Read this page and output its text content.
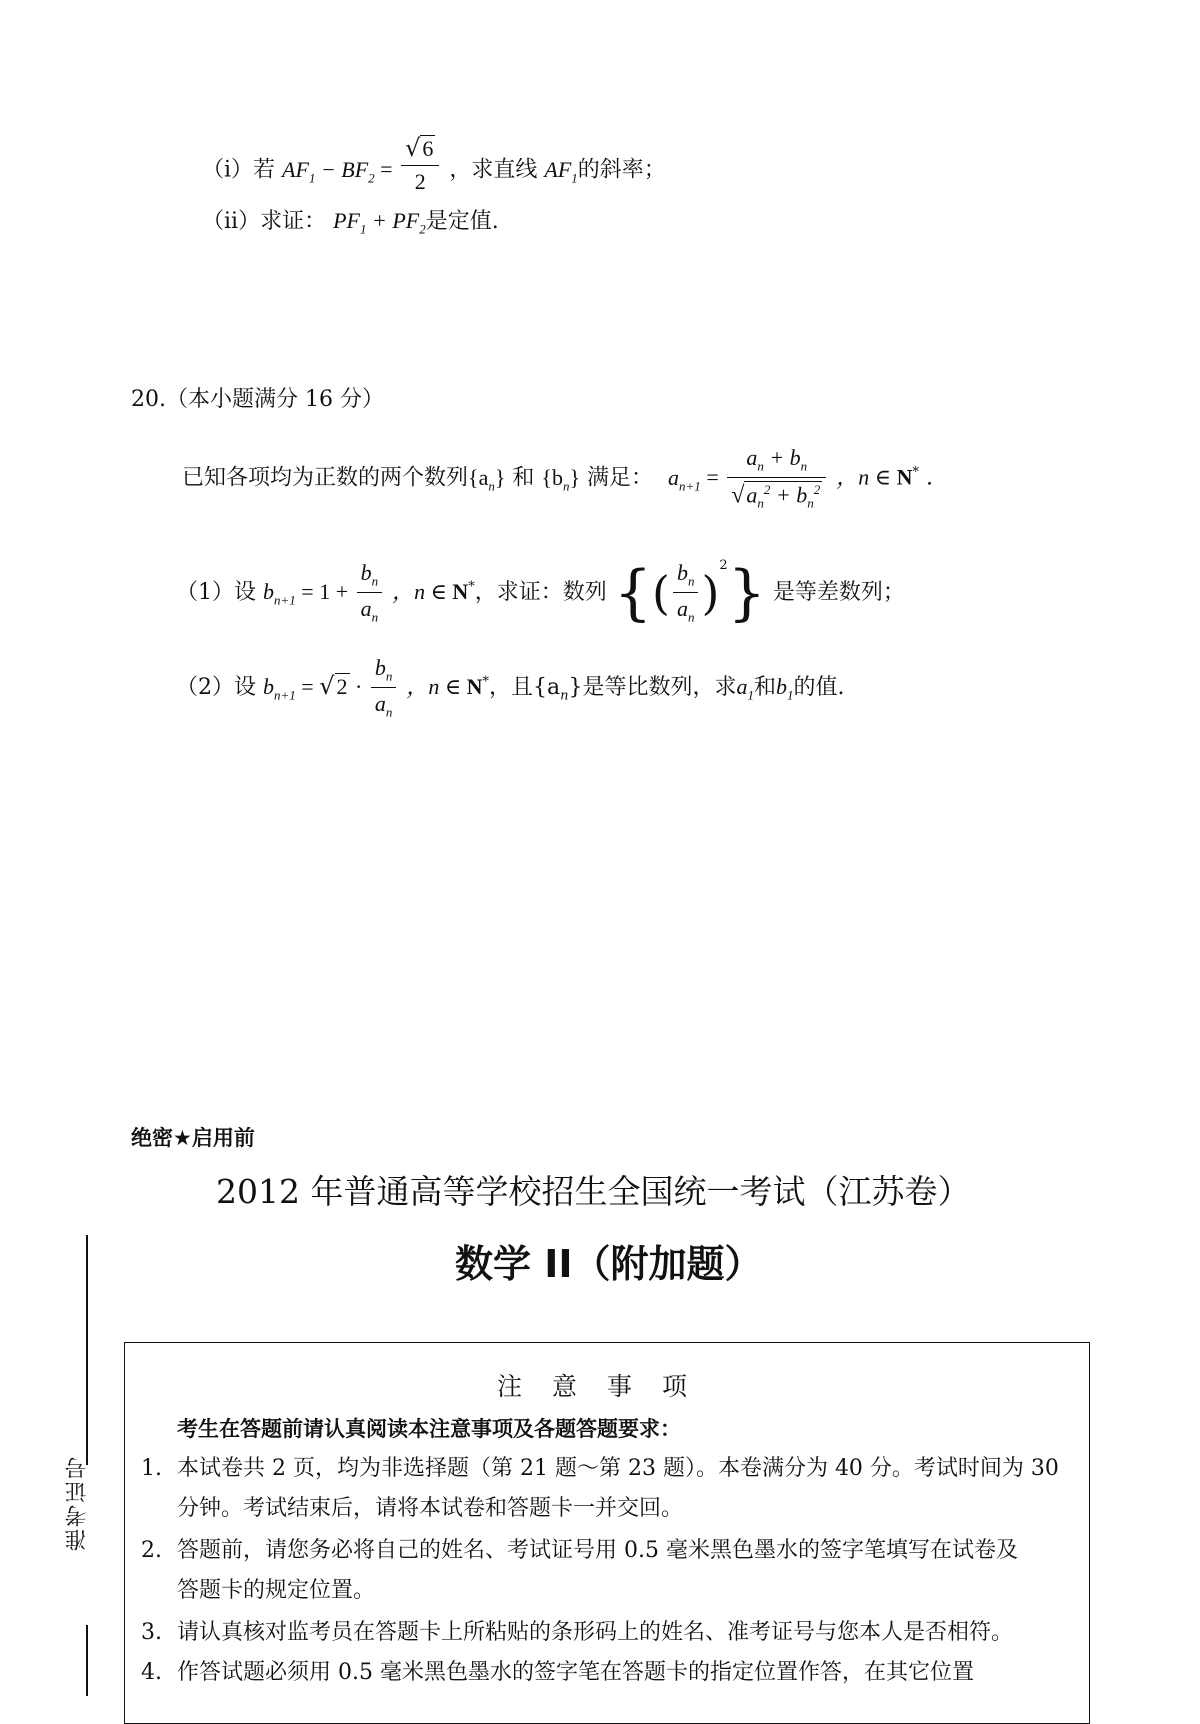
（i）若 $AF_1 - BF_2 = \frac{√6}{2}$ ，求直线 $AF_1$的斜率；
（ii）求证： $PF_1 + PF_2$是定值.
20.（本小题满分 16 分）
已知各项均为正数的两个数列$\{a_n\}$ 和 $\{b_n\}$ 满足： $a_{n+1} = \frac{a_n + b_n}{√a_n^2 + b_n^2}$ ，n ∈ N* .
（1）设 $b_{n+1} = 1 + \frac{b_n}{a_n}$ ，n ∈ N*，求证：数列 {( $\frac{b_n}{a_n} )^2$} 是等差数列；
（2）设 $b_{n+1} = √2 \cdot \frac{b_n}{a_n}$ ，n ∈ N*，且$\{a_n\}$是等比数列，求$a_1$和$b_1$的值.
绝密★启用前
2012 年普通高等学校招生全国统一考试（江苏卷）
数学 II（附加题）
准考证号
注意事项
考生在答题前请认真阅读本注意事项及各题答题要求：
1. 本试卷共 2 页，均为非选择题（第 21 题～第 23 题）。本卷满分为 40 分。考试时间为 30
分钟。考试结束后，请将本试卷和答题卡一并交回。
2. 答题前，请您务必将自己的姓名、考试证号用 0.5 毫米黑色墨水的签字笔填写在试卷及
答题卡的规定位置。
3. 请认真核对监考员在答题卡上所粘贴的条形码上的姓名、准考证号与您本人是否相符。
4. 作答试题必须用 0.5 毫米黑色墨水的签字笔在答题卡的指定位置作答，在其它位置
